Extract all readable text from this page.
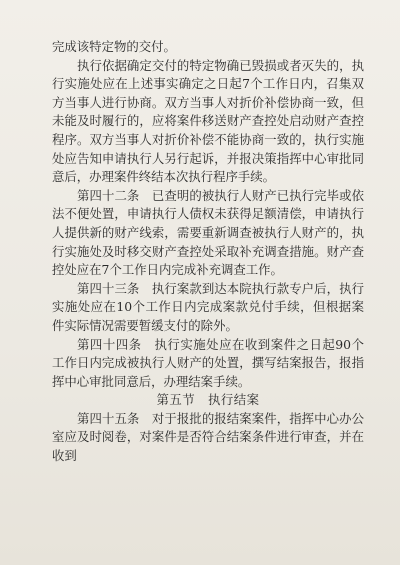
完成该特定物的交付。

执行依据确定交付的特定物确已毁损或者灭失的，执行实施处应在上述事实确定之日起7个工作日内，召集双方当事人进行协商。双方当事人对折价补偿协商一致，但未能及时履行的，应将案件移送财产查控处启动财产查控程序。双方当事人对折价补偿不能协商一致的，执行实施处应告知申请执行人另行起诉，并报决策指挥中心审批同意后，办理案件终结本次执行程序手续。

第四十二条　已查明的被执行人财产已执行完毕或依法不便处置，申请执行人债权未获得足额清偿，申请执行人提供新的财产线索，需要重新调查被执行人财产的，执行实施处及时移交财产查控处采取补充调查措施。财产查控处应在7个工作日内完成补充调查工作。

第四十三条　执行案款到达本院执行款专户后，执行实施处应在10个工作日内完成案款兑付手续，但根据案件实际情况需要暂缓支付的除外。

第四十四条　执行实施处应在收到案件之日起90个工作日内完成被执行人财产的处置，撰写结案报告，报指挥中心审批同意后，办理结案手续。

第五节　执行结案

第四十五条　对于报批的报结案案件，指挥中心办公室应及时阅卷，对案件是否符合结案条件进行审查，并在收到
